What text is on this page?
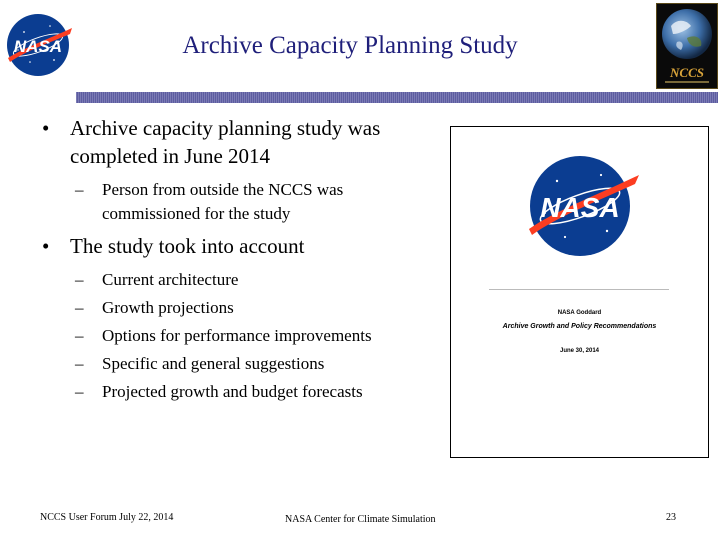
NASA	Archive Capacity Planning Study
NCCS
• Archive capacity planning study was completed in June 2014
– Person from outside the NCCS was commissioned for the study
• The study took into account
– Current architecture
– Growth projections
– Options for performance improvements
– Specific and general suggestions
– Projected growth and budget forecasts
NASA
NASA Goddard
Archive Growth and Policy Recommendations
June 30, 2014
NCCS User Forum July 22, 2014	NASA Center for Climate Simulation	23
